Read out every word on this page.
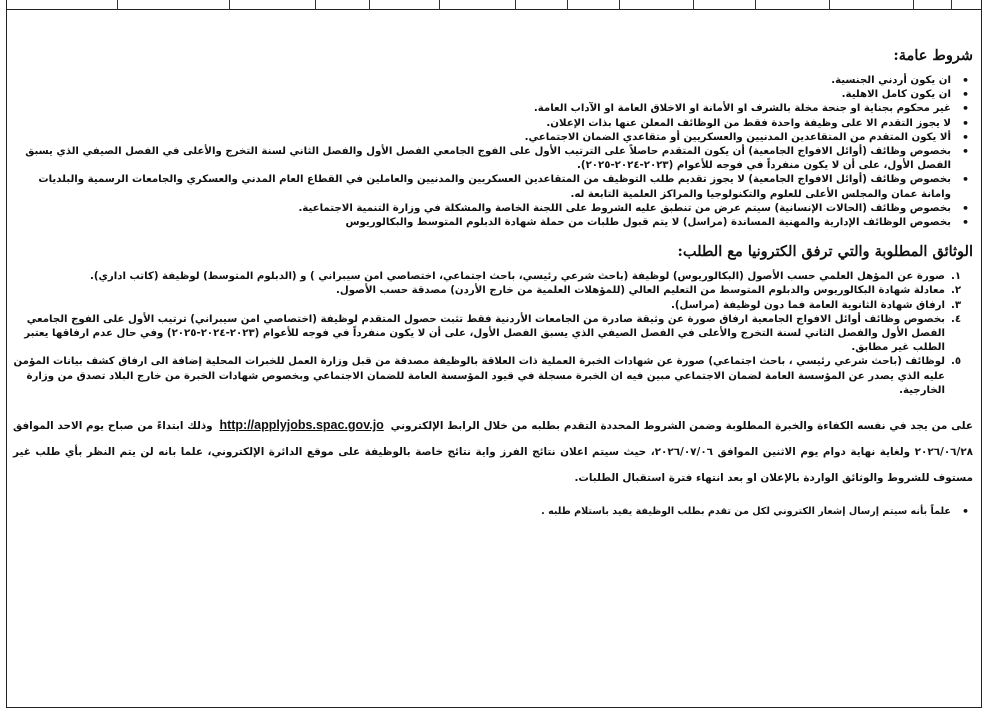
شروط عامة:
• ان يكون أردني الجنسية.
• ان يكون كامل الاهلية.
• غير محكوم بجناية او جنحة مخلة بالشرف او الأمانة او الاخلاق العامة او الآداب العامة.
• لا يجوز التقدم الا على وظيفة واحدة فقط من الوظائف المعلن عنها بذات الإعلان.
• ألا يكون المتقدم من المتقاعدين المدنيين والعسكريين أو متقاعدي الضمان الاجتماعي.
• بخصوص وظائف (أوائل الافواج الجامعية) أن يكون المتقدم حاصلاً على الترتيب الأول على الفوج الجامعي الفصل الأول والفصل الثاني لسنة التخرج والأعلى في الفصل الصيفي الذي يسبق الفصل الأول، على أن لا يكون منفرداً في فوجه للأعوام (٢٠٢٣-٢٠٢٤-٢٠٢٥).
• بخصوص وظائف (أوائل الافواج الجامعية) لا يجوز تقديم طلب التوظيف من المتقاعدين العسكريين والمدنيين والعاملين في القطاع العام المدني والعسكري والجامعات الرسمية والبلديات وامانة عمان والمجلس الأعلى للعلوم والتكنولوجيا والمراكز العلمية التابعة له.
• بخصوص وظائف (الحالات الإنسانية) سيتم عرض من تنطبق عليه الشروط على اللجنة الخاصة والمشكلة في وزارة التنمية الاجتماعية.
• بخصوص الوظائف الإدارية والمهنية المساندة (مراسل) لا يتم قبول طلبات من حملة شهادة الدبلوم المتوسط والبكالوريوس
الوثائق المطلوبة والتي ترفق الكترونيا مع الطلب:
١.
صورة عن المؤهل العلمي حسب الأصول (البكالوريوس) لوظيفة (باحث شرعي رئيسي، باحث اجتماعي، اختصاصي امن سيبراني ) و (الدبلوم المتوسط) لوظيفة (كاتب اداري).
٢.
معادلة شهادة البكالوريوس والدبلوم المتوسط من التعليم العالي (للمؤهلات العلمية من خارج الأردن) مصدقة حسب الأصول.
٣.
ارفاق شهادة الثانوية العامة فما دون لوظيفة (مراسل).
٤.
بخصوص وظائف أوائل الافواج الجامعية ارفاق صورة عن وثيقة صادرة من الجامعات الأردنية فقط تثبت حصول المتقدم لوظيفة (اختصاصي امن سيبراني) ترتيب الأول على الفوج الجامعي الفصل الأول والفصل الثاني لسنة التخرج والأعلى في الفصل الصيفي الذي يسبق الفصل الأول، على أن لا يكون منفرداً في فوجه للأعوام (٢٠٢٣-٢٠٢٤-٢٠٢٥) وفي حال عدم ارفاقها يعتبر الطلب غير مطابق.
٥.
لوظائف (باحث شرعي رئيسي ، باحث اجتماعي) صورة عن شهادات الخبرة العملية ذات العلاقة بالوظيفة مصدقة من قبل وزارة العمل للخبرات المحلية إضافة الى ارفاق كشف بيانات المؤمن عليه الذي يصدر عن المؤسسة العامة لضمان الاجتماعي مبين فيه ان الخبرة مسجلة في قيود المؤسسة العامة للضمان الاجتماعي وبخصوص شهادات الخبرة من خارج البلاد تصدق من وزارة الخارجية.

على من يجد في نفسه الكفاءة والخبرة المطلوبة وضمن الشروط المحددة التقدم بطلبه من خلال الرابط الإلكتروني http://applyjobs.spac.gov.jo وذلك ابتداءً من صباح يوم الاحد الموافق ٢٠٢٦/٠٦/٢٨ ولغاية نهاية دوام يوم الاثنين الموافق ٢٠٢٦/٠٧/٠٦، حيث سيتم اعلان نتائج الفرز واية نتائج خاصة بالوظيفة على موقع الدائرة الإلكتروني، علما بانه لن يتم النظر بأي طلب غير مستوف للشروط والوثائق الواردة بالإعلان او بعد انتهاء فترة استقبال الطلبات.

• علماً بأنه سيتم إرسال إشعار الكتروني لكل من تقدم بطلب الوظيفة يفيد باستلام طلبه .
